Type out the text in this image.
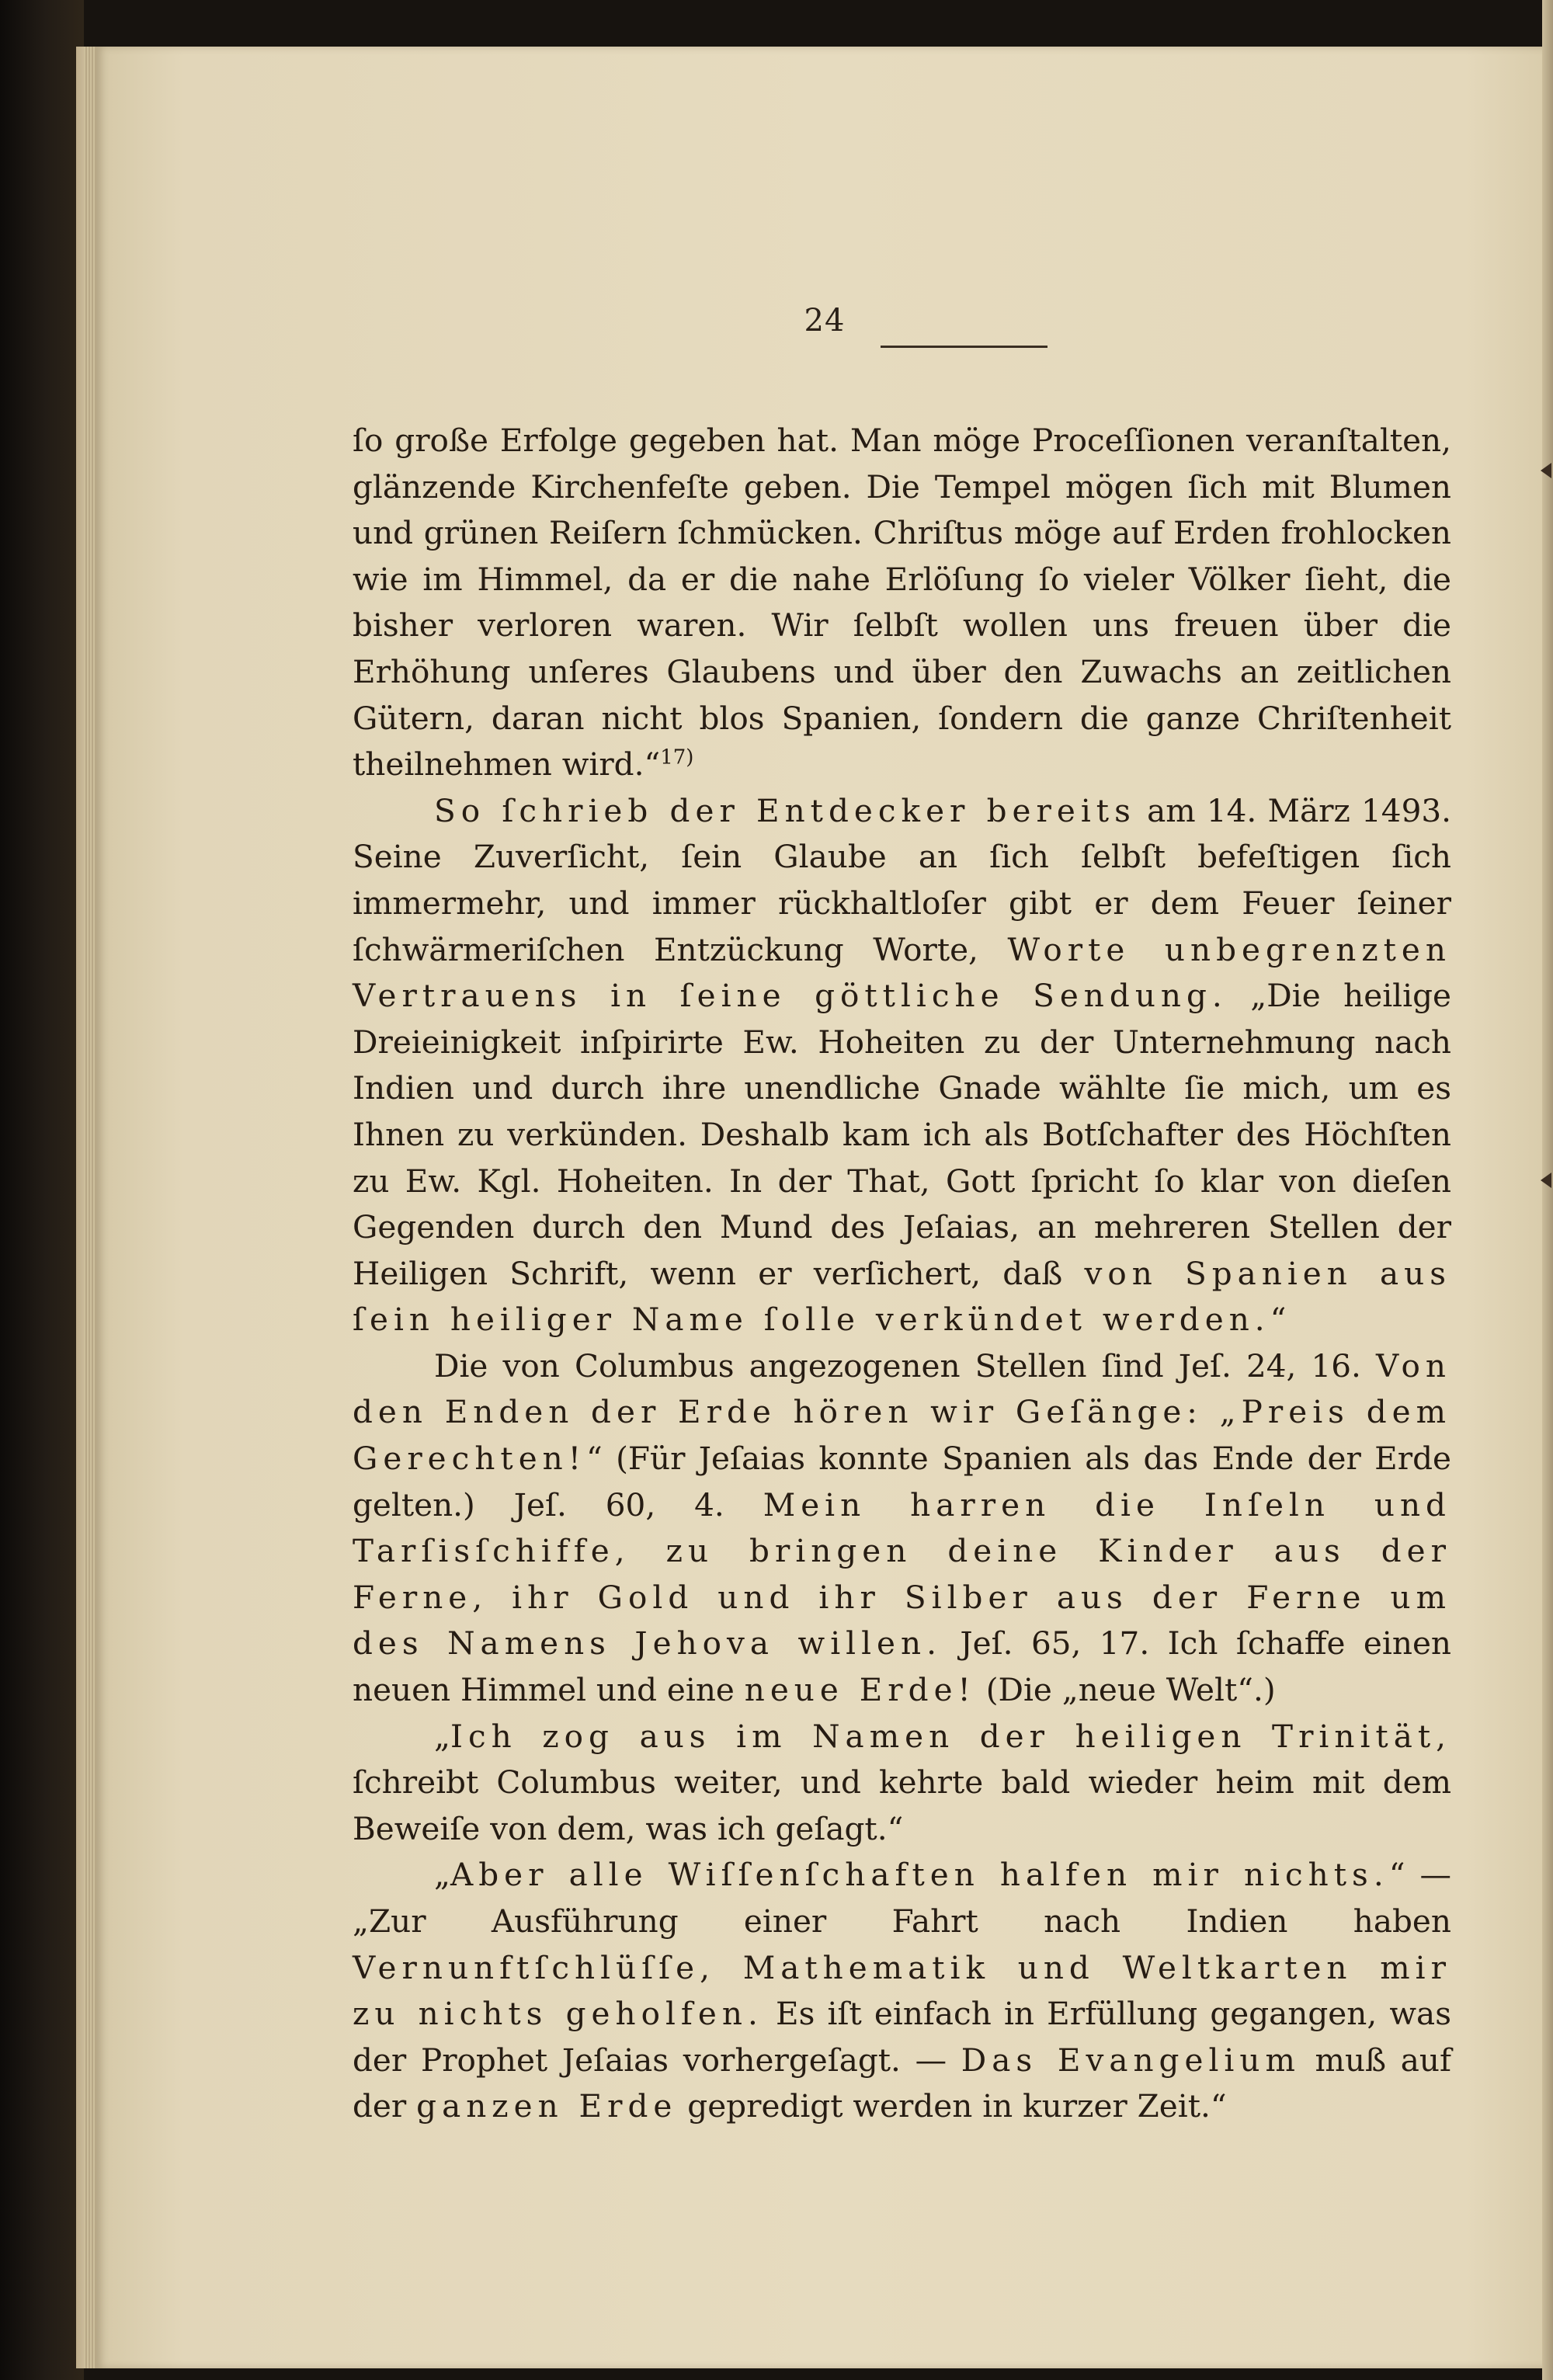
24

ſo große Erfolge gegeben hat. Man möge Proceſſionen veranſtalten, glänzende Kirchenfeſte geben. Die Tempel mögen ſich mit Blumen und grünen Reiſern ſchmücken. Chriſtus möge auf Erden frohlocken wie im Himmel, da er die nahe Erlöſung ſo vieler Völker ſieht, die bisher verloren waren. Wir ſelbſt wollen uns freuen über die Erhöhung unſeres Glaubens und über den Zuwachs an zeitlichen Gütern, daran nicht blos Spanien, ſondern die ganze Chriſtenheit theilnehmen wird.“$^{17)}$

So ſchrieb der Entdecker bereits am 14. März 1493. Seine Zuverſicht, ſein Glaube an ſich ſelbſt befeſtigen ſich immermehr, und immer rückhaltloſer gibt er dem Feuer ſeiner ſchwärmeriſchen Entzückung Worte, Worte unbegrenzten Vertrauens in ſeine göttliche Sendung. „Die heilige Dreieinigkeit inſpirirte Ew. Hoheiten zu der Unternehmung nach Indien und durch ihre unendliche Gnade wählte ſie mich, um es Ihnen zu verkünden. Deshalb kam ich als Botſchafter des Höchſten zu Ew. Kgl. Hoheiten. In der That, Gott ſpricht ſo klar von dieſen Gegenden durch den Mund des Jeſaias, an mehreren Stellen der Heiligen Schrift, wenn er verſichert, daß von Spanien aus ſein heiliger Name ſolle verkündet werden.“

Die von Columbus angezogenen Stellen ſind Jeſ. 24, 16. Von den Enden der Erde hören wir Geſänge: „Preis dem Gerechten!“ (Für Jeſaias konnte Spanien als das Ende der Erde gelten.) Jeſ. 60, 4. Mein harren die Inſeln und Tarſisſchiffe, zu bringen deine Kinder aus der Ferne, ihr Gold und ihr Silber aus der Ferne um des Namens Jehova willen. Jeſ. 65, 17. Ich ſchaffe einen neuen Himmel und eine neue Erde! (Die „neue Welt“.)

„Ich zog aus im Namen der heiligen Trinität, ſchreibt Columbus weiter, und kehrte bald wieder heim mit dem Beweiſe von dem, was ich geſagt.“

„Aber alle Wiſſenſchaften halfen mir nichts.“ — „Zur Ausführung einer Fahrt nach Indien haben Vernunftſchlüſſe, Mathematik und Weltkarten mir zu nichts geholfen. Es iſt einfach in Erfüllung gegangen, was der Prophet Jeſaias vorhergeſagt. — Das Evangelium muß auf der ganzen Erde gepredigt werden in kurzer Zeit.“
